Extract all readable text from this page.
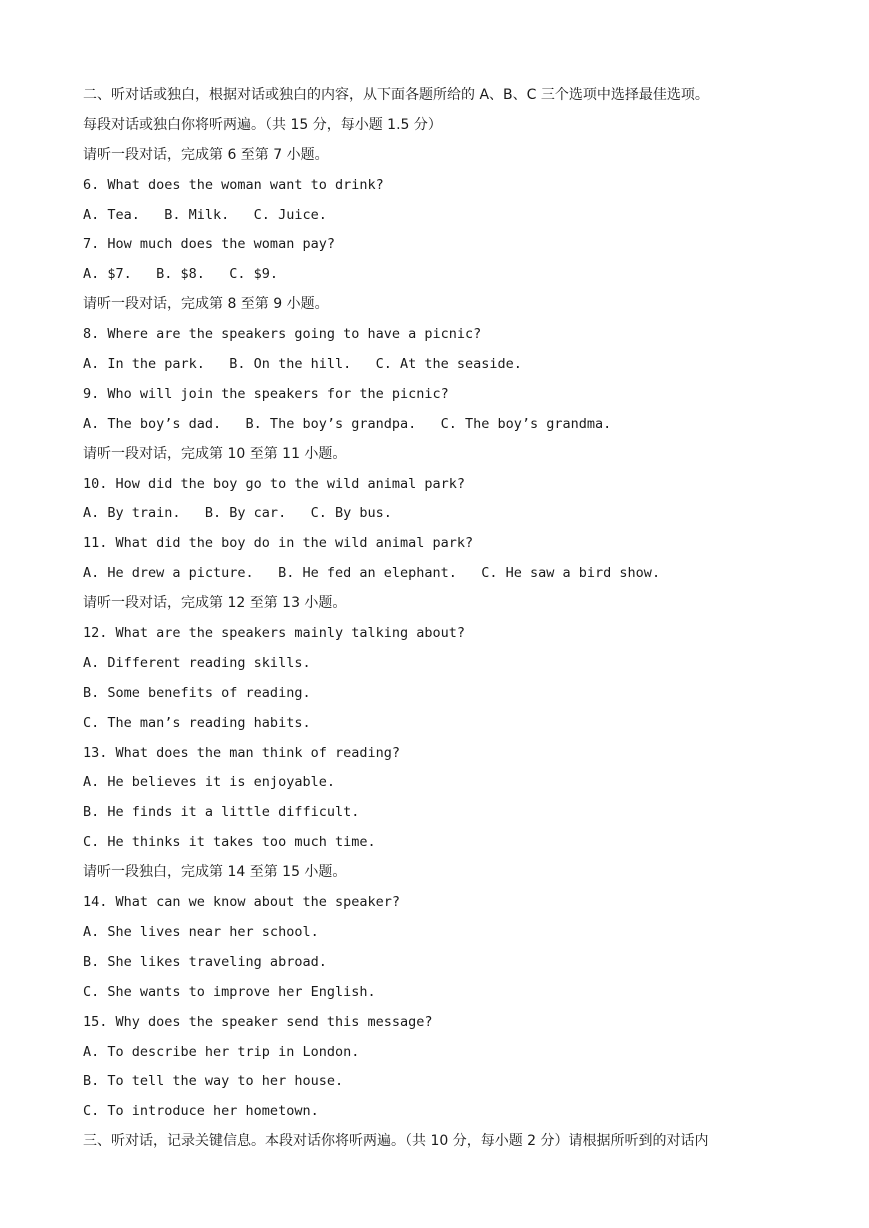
二、听对话或独白，根据对话或独白的内容，从下面各题所给的 A、B、C 三个选项中选择最佳选项。
每段对话或独白你将听两遍。（共 15 分，每小题 1.5 分）
请听一段对话，完成第 6 至第 7 小题。
6. What does the woman want to drink?
A. Tea.   B. Milk.   C. Juice.
7. How much does the woman pay?
A. $7.   B. $8.   C. $9.
请听一段对话，完成第 8 至第 9 小题。
8. Where are the speakers going to have a picnic?
A. In the park.   B. On the hill.   C. At the seaside.
9. Who will join the speakers for the picnic?
A. The boy’s dad.   B. The boy’s grandpa.   C. The boy’s grandma.
请听一段对话，完成第 10 至第 11 小题。
10. How did the boy go to the wild animal park?
A. By train.   B. By car.   C. By bus.
11. What did the boy do in the wild animal park?
A. He drew a picture.   B. He fed an elephant.   C. He saw a bird show.
请听一段对话，完成第 12 至第 13 小题。
12. What are the speakers mainly talking about?
A. Different reading skills.
B. Some benefits of reading.
C. The man’s reading habits.
13. What does the man think of reading?
A. He believes it is enjoyable.
B. He finds it a little difficult.
C. He thinks it takes too much time.
请听一段独白，完成第 14 至第 15 小题。
14. What can we know about the speaker?
A. She lives near her school.
B. She likes traveling abroad.
C. She wants to improve her English.
15. Why does the speaker send this message?
A. To describe her trip in London.
B. To tell the way to her house.
C. To introduce her hometown.
三、听对话，记录关键信息。本段对话你将听两遍。（共 10 分，每小题 2 分）请根据所听到的对话内
